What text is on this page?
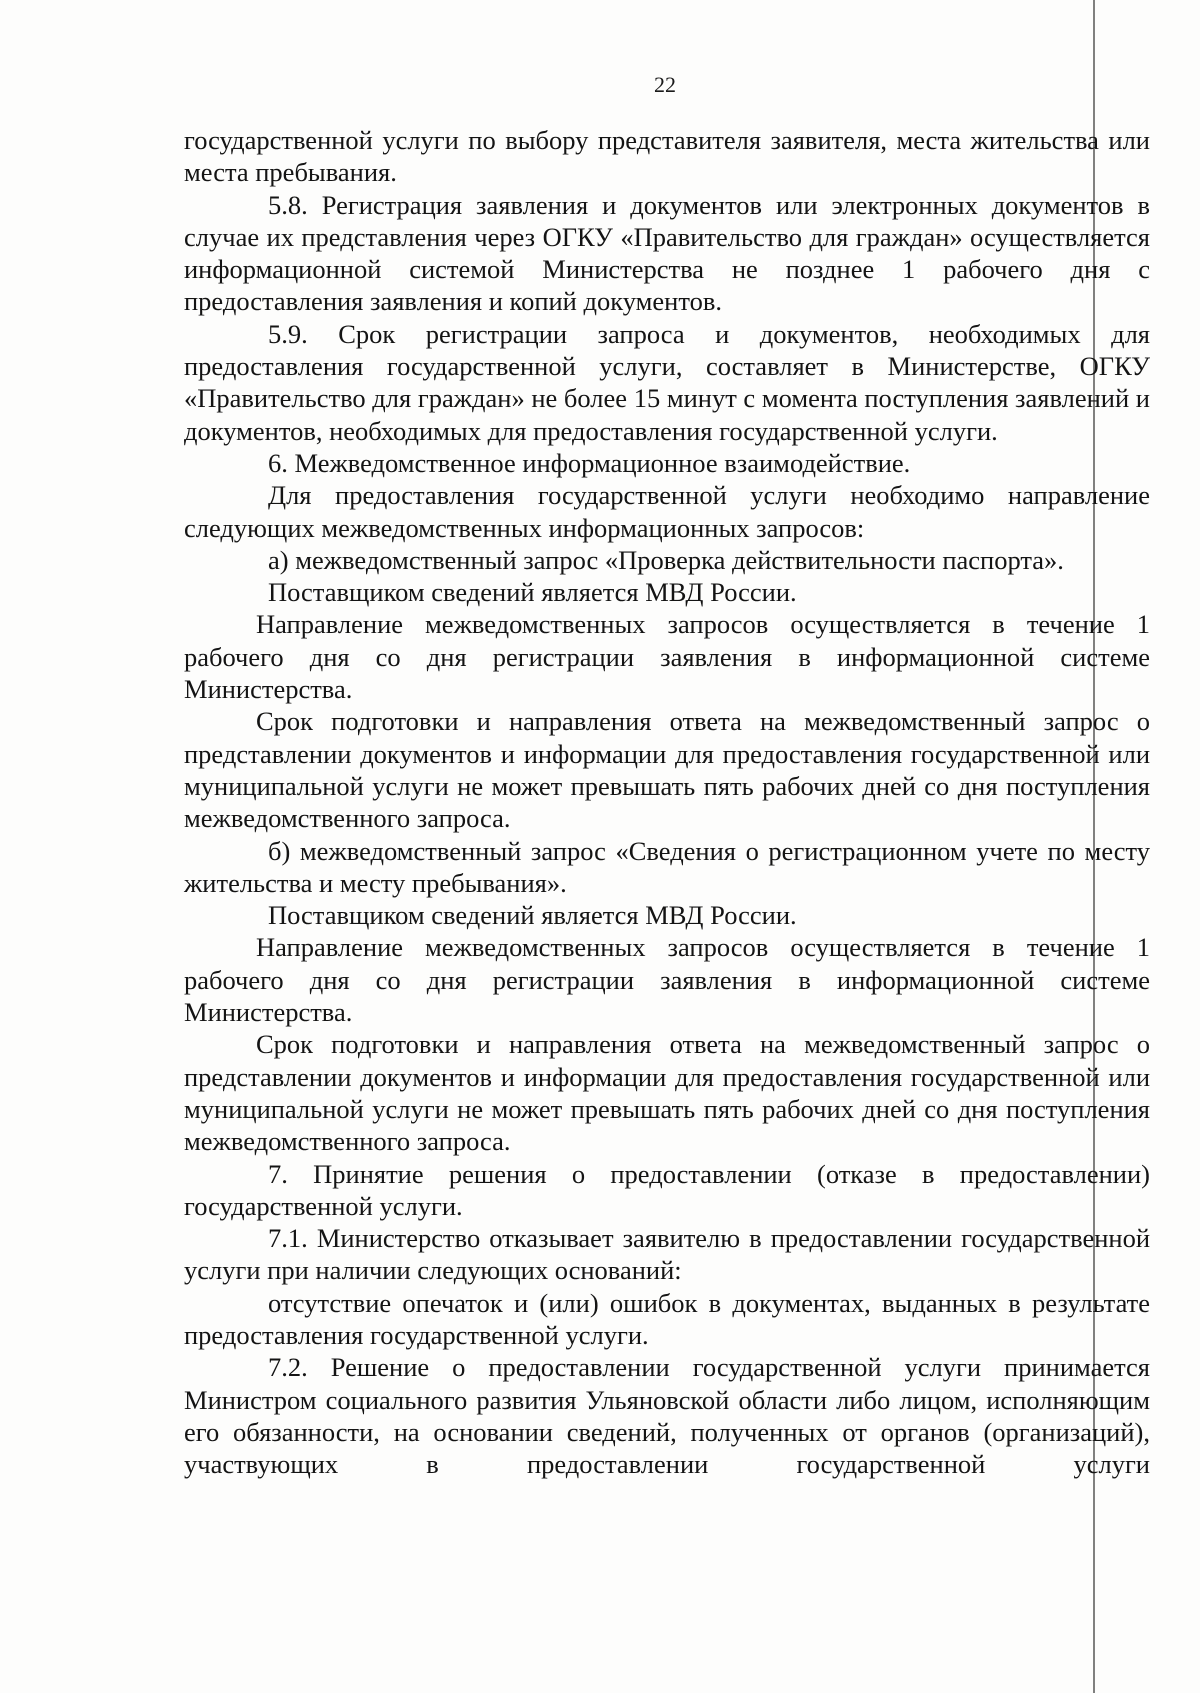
22

государственной услуги по выбору представителя заявителя, места жительства или места пребывания.

5.8. Регистрация заявления и документов или электронных документов в случае их представления через ОГКУ «Правительство для граждан» осуществляется информационной системой Министерства не позднее 1 рабочего дня с предоставления заявления и копий документов.

5.9. Срок регистрации запроса и документов, необходимых для предоставления государственной услуги, составляет в Министерстве, ОГКУ «Правительство для граждан» не более 15 минут с момента поступления заявлений и документов, необходимых для предоставления государственной услуги.

6. Межведомственное информационное взаимодействие.

Для предоставления государственной услуги необходимо направление следующих межведомственных информационных запросов:

а) межведомственный запрос «Проверка действительности паспорта».

Поставщиком сведений является МВД России.

Направление межведомственных запросов осуществляется в течение 1 рабочего дня со дня регистрации заявления в информационной системе Министерства.

Срок подготовки и направления ответа на межведомственный запрос о представлении документов и информации для предоставления государственной или муниципальной услуги не может превышать пять рабочих дней со дня поступления межведомственного запроса.

б) межведомственный запрос «Сведения о регистрационном учете по месту жительства и месту пребывания».

Поставщиком сведений является МВД России.

Направление межведомственных запросов осуществляется в течение 1 рабочего дня со дня регистрации заявления в информационной системе Министерства.

Срок подготовки и направления ответа на межведомственный запрос о представлении документов и информации для предоставления государственной или муниципальной услуги не может превышать пять рабочих дней со дня поступления межведомственного запроса.

7. Принятие решения о предоставлении (отказе в предоставлении) государственной услуги.

7.1. Министерство отказывает заявителю в предоставлении государственной услуги при наличии следующих оснований:

отсутствие опечаток и (или) ошибок в документах, выданных в результате предоставления государственной услуги.

7.2. Решение о предоставлении государственной услуги принимается Министром социального развития Ульяновской области либо лицом, исполняющим его обязанности, на основании сведений, полученных от органов (организаций), участвующих в предоставлении государственной услуги
